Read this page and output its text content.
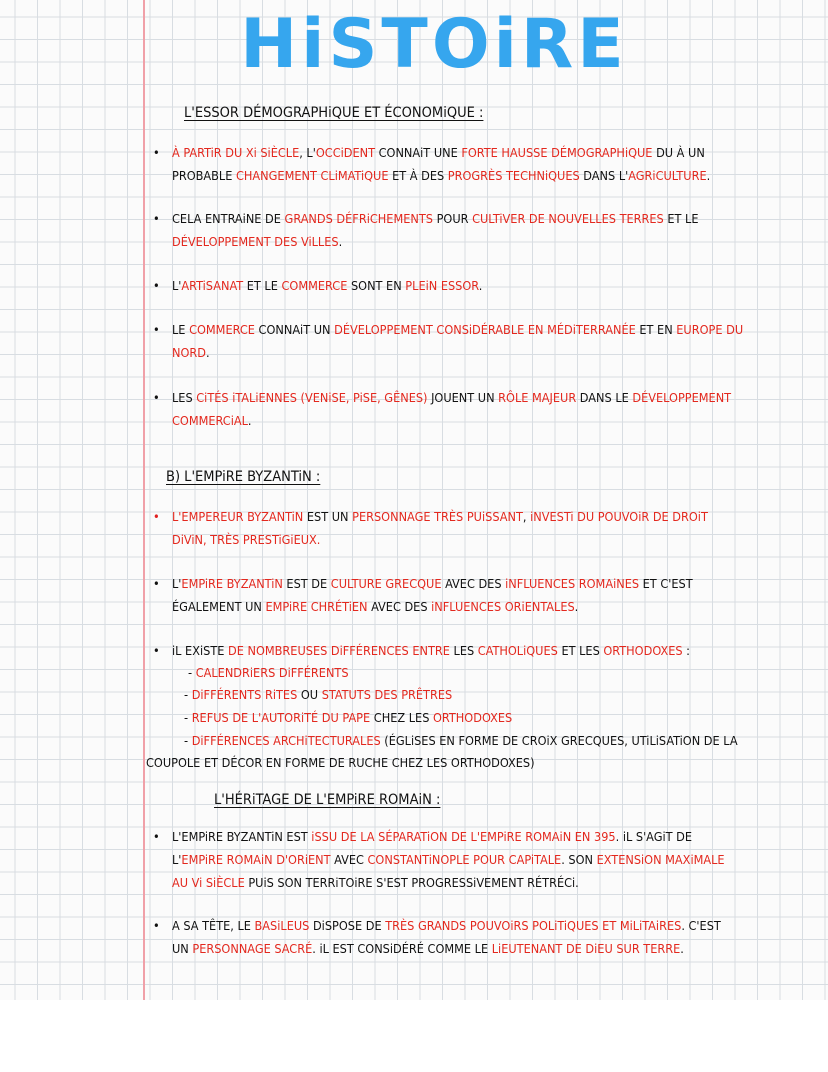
HiSTOiRE
L'ESSOR DÉMOGRAPHiQUE ET ÉCONOMiQUE :

• À PARTiR DU Xi SiÈCLE, L'OCCiDENT CONNAiT UNE FORTE HAUSSE DÉMOGRAPHiQUE DU À UN
PROBABLE CHANGEMENT CLiMATiQUE ET À DES PROGRÈS TECHNiQUES DANS L'AGRiCULTURE.

• CELA ENTRAiNE DE GRANDS DÉFRiCHEMENTS POUR CULTiVER DE NOUVELLES TERRES ET LE
DÉVELOPPEMENT DES ViLLES.

• L'ARTiSANAT ET LE COMMERCE SONT EN PLEiN ESSOR.

• LE COMMERCE CONNAiT UN DÉVELOPPEMENT CONSiDÉRABLE EN MÉDiTERRANÉE ET EN EUROPE DU
NORD.

• LES CiTÉS iTALiENNES (VENiSE, PiSE, GÊNES) JOUENT UN RÔLE MAJEUR DANS LE DÉVELOPPEMENT
COMMERCiAL.

B) L'EMPiRE BYZANTiN :

• L'EMPEREUR BYZANTiN EST UN PERSONNAGE TRÈS PUiSSANT, iNVESTi DU POUVOiR DE DROiT
DiViN, TRÈS PRESTiGiEUX.

• L'EMPiRE BYZANTiN EST DE CULTURE GRECQUE AVEC DES iNFLUENCES ROMAiNES ET C'EST
ÉGALEMENT UN EMPiRE CHRÉTiEN AVEC DES iNFLUENCES ORiENTALES.

• iL EXiSTE DE NOMBREUSES DiFFÉRENCES ENTRE LES CATHOLiQUES ET LES ORTHODOXES :

- CALENDRiERS DiFFÉRENTS

- DiFFÉRENTS RiTES OU STATUTS DES PRÊTRES

- REFUS DE L'AUTORiTÉ DU PAPE CHEZ LES ORTHODOXES

- DiFFÉRENCES ARCHiTECTURALES (ÉGLiSES EN FORME DE CROiX GRECQUES, UTiLiSATiON DE LA

COUPOLE ET DÉCOR EN FORME DE RUCHE CHEZ LES ORTHODOXES)

L'HÉRiTAGE DE L'EMPiRE ROMAiN :

• L'EMPiRE BYZANTiN EST iSSU DE LA SÉPARATiON DE L'EMPiRE ROMAiN EN 395. iL S'AGiT DE
L'EMPiRE ROMAiN D'ORiENT AVEC CONSTANTiNOPLE POUR CAPiTALE. SON EXTENSiON MAXiMALE
AU Vi SiÈCLE PUiS SON TERRiTOiRE S'EST PROGRESSiVEMENT RÉTRÉCi.

• A SA TÊTE, LE BASiLEUS DiSPOSE DE TRÈS GRANDS POUVOiRS POLiTiQUES ET MiLiTAiRES. C'EST
UN PERSONNAGE SACRÉ. iL EST CONSiDÉRÉ COMME LE LiEUTENANT DE DiEU SUR TERRE.
